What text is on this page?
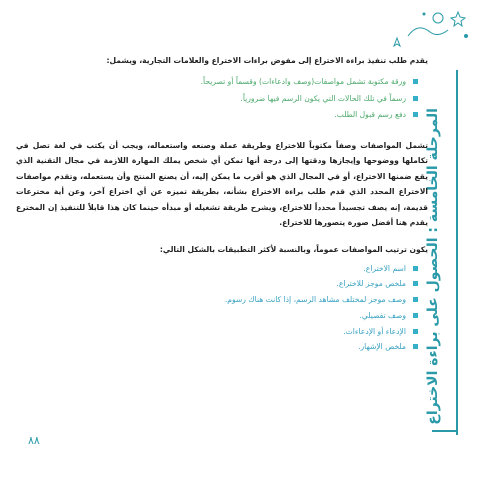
المرحلة الخامسة : الحصول على براءة الاختراع

يقدم طلب تنفيذ براءة الاختراع إلى مفوض براءات الاختراع والعلامات التجارية، ويشمل:

ورقة مكتوبة تشمل مواصفات(وصف وادعاءات) وقسماً أو تصريحاً.
رسماً في تلك الحالات التي يكون الرسم فيها ضرورياً.
دفع رسم قبول الطلب.

تشمل المواصفات وصفاً مكتوباً للاختراع وطريقة عملة وصنعه واستعماله، ويجب أن يكتب في لغة تصل في تكاملها ووضوحها وإيجازها ودقتها إلى درجة أنها تمكن أي شخص يملك المهارة اللازمة في مجال التقنية الذي يقع ضمنها الاختراع، أو في المجال الذي هو أقرب ما يمكن إليه، أن يصنع المنتج وأن يستعمله، وتقدم مواصفات الاختراع المحدد الذي قدم طلب براءة الاختراع بشأنه، بطريقة تميزه عن أي اختراع آخر، وعن أية مخترعات قديمة، إنه يصف تجسيداً محدداً للاختراع، ويشرح طريقة تشغيله أو مبدأه حينما كان هذا قابلاً للتنفيذ إن المخترع يقدم هنا أفضل صورة يتصورها للاختراع.

يكون ترتيب المواصفات عموماً، وبالنسبة لأكثر التطبيقات بالشكل التالي:

اسم الاختراع.
ملخص موجز للاختراع.
وصف موجز لمختلف مشاهد الرسم، إذا كانت هناك رسوم.
وصف تفصيلي.
الإدعاء أو الإدعاءات.
ملخص الإشهار.
٨٨
